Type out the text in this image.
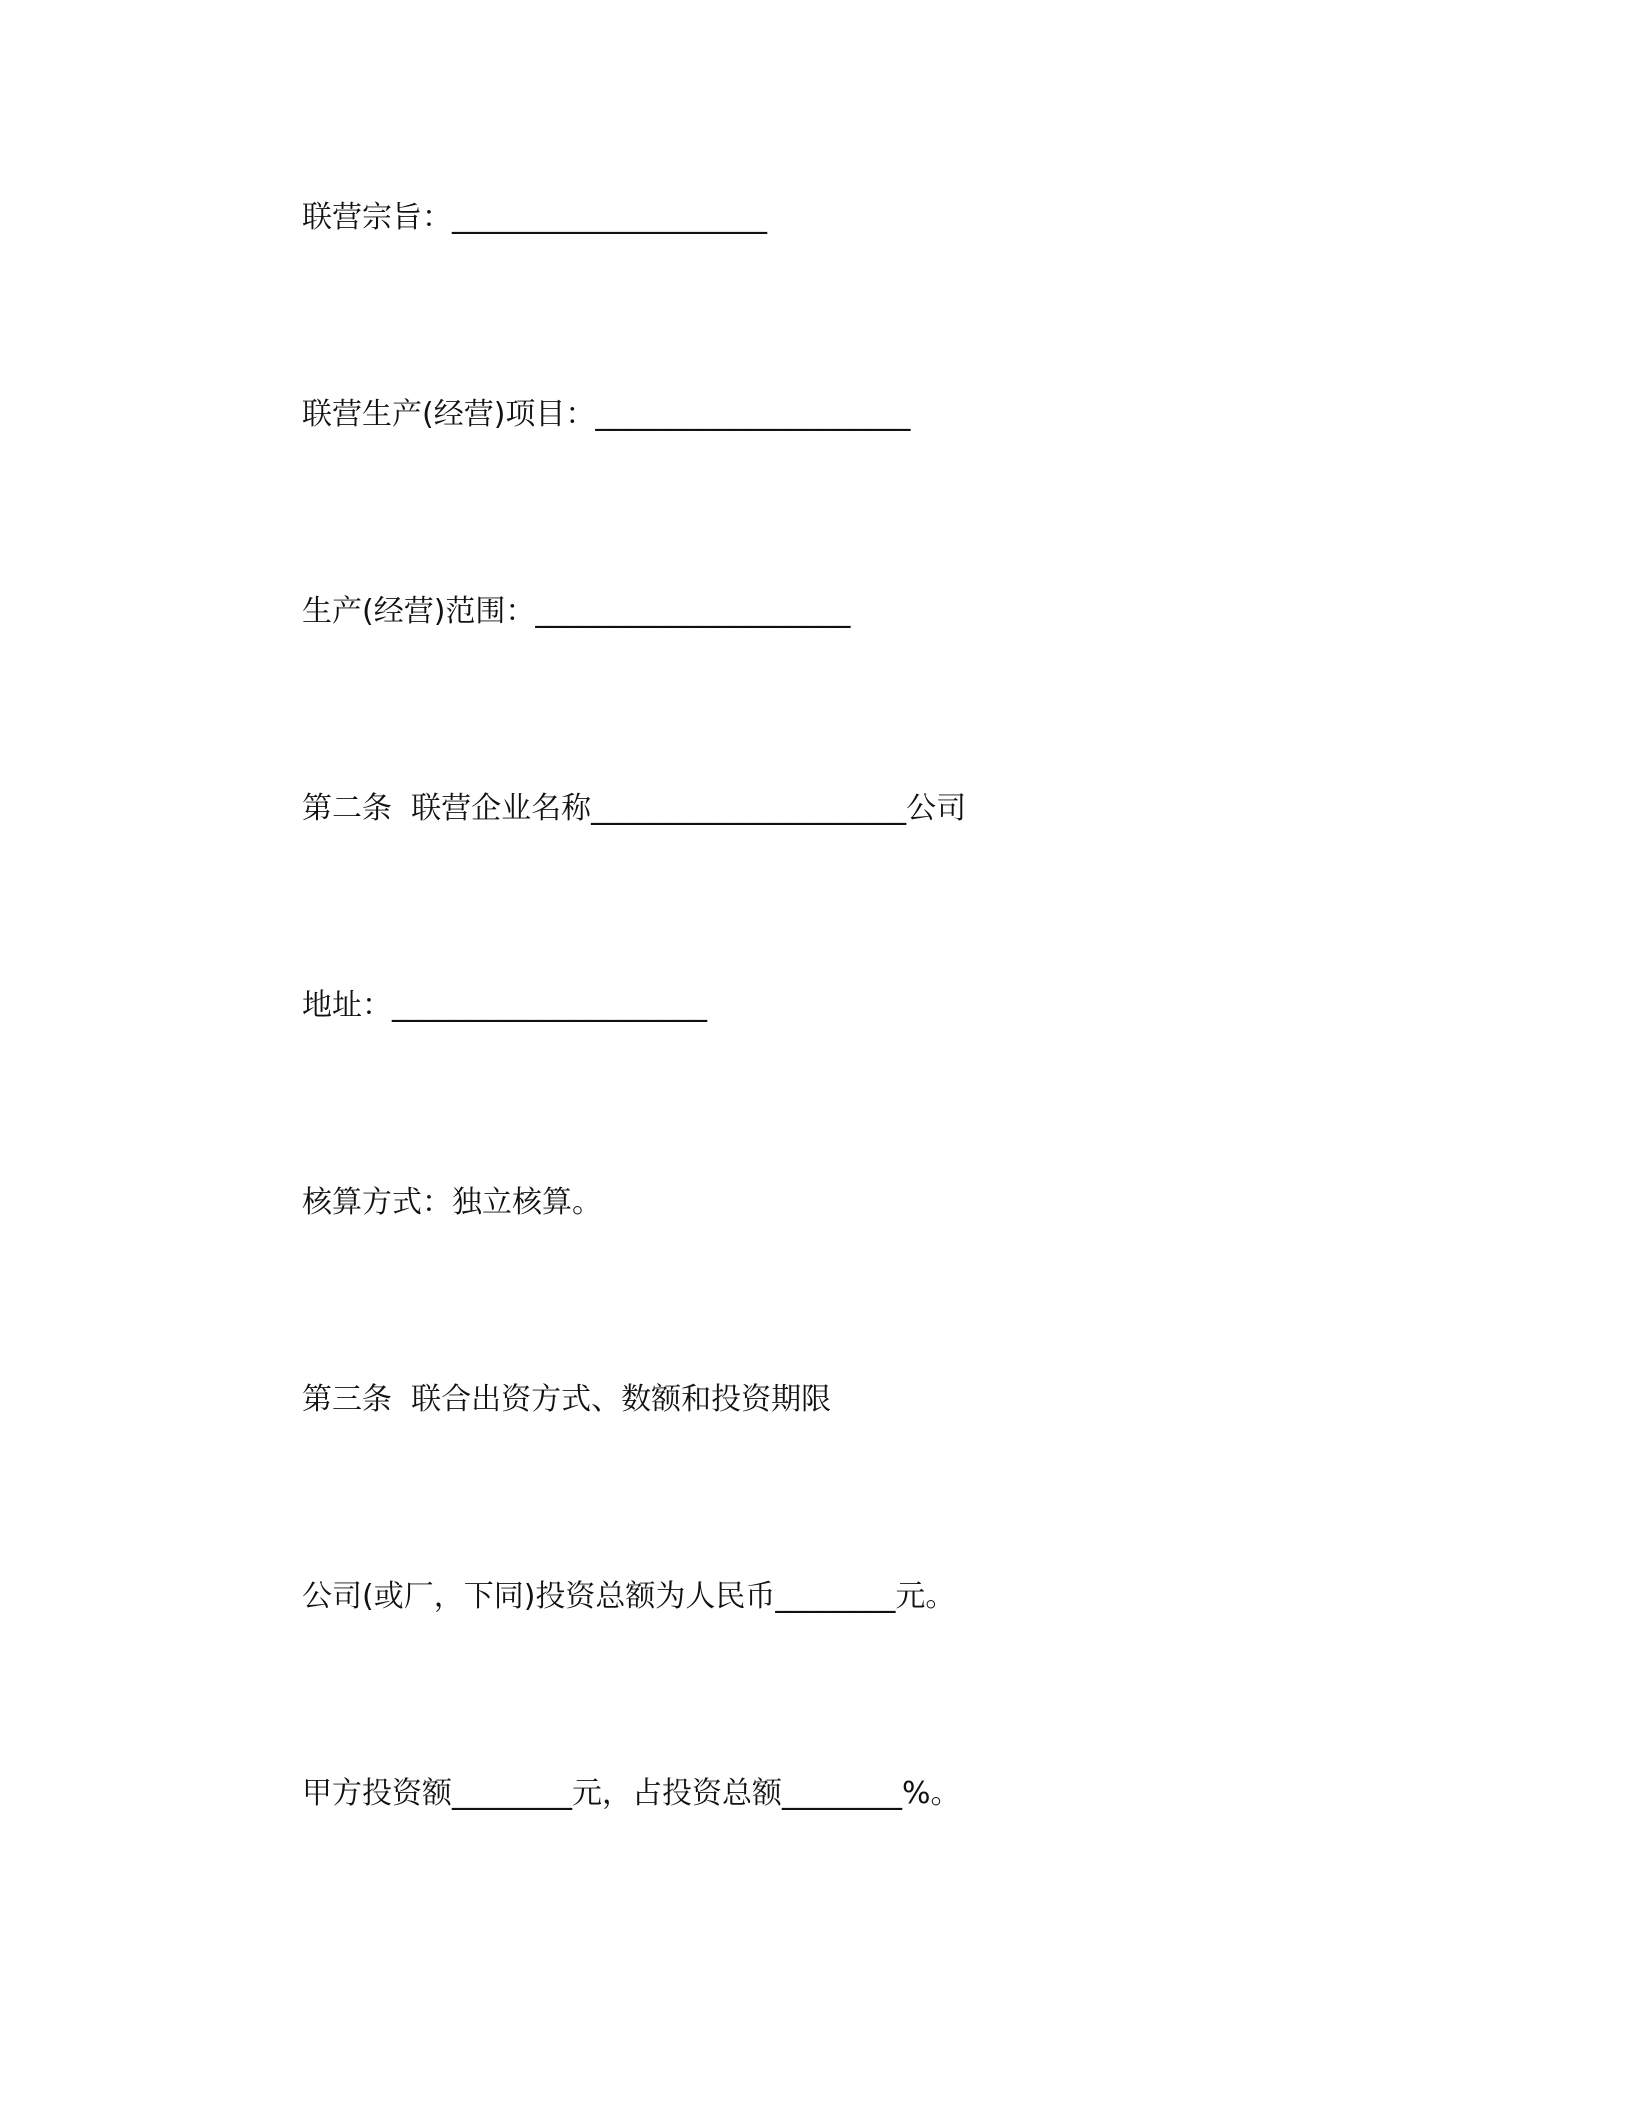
联营宗旨：_____________________
联营生产(经营)项目：_____________________
生产(经营)范围：_____________________
第二条  联营企业名称_____________________公司
地址：_____________________
核算方式：独立核算。
第三条  联合出资方式、数额和投资期限
公司(或厂，下同)投资总额为人民币________元。
甲方投资额________元，占投资总额________%。
